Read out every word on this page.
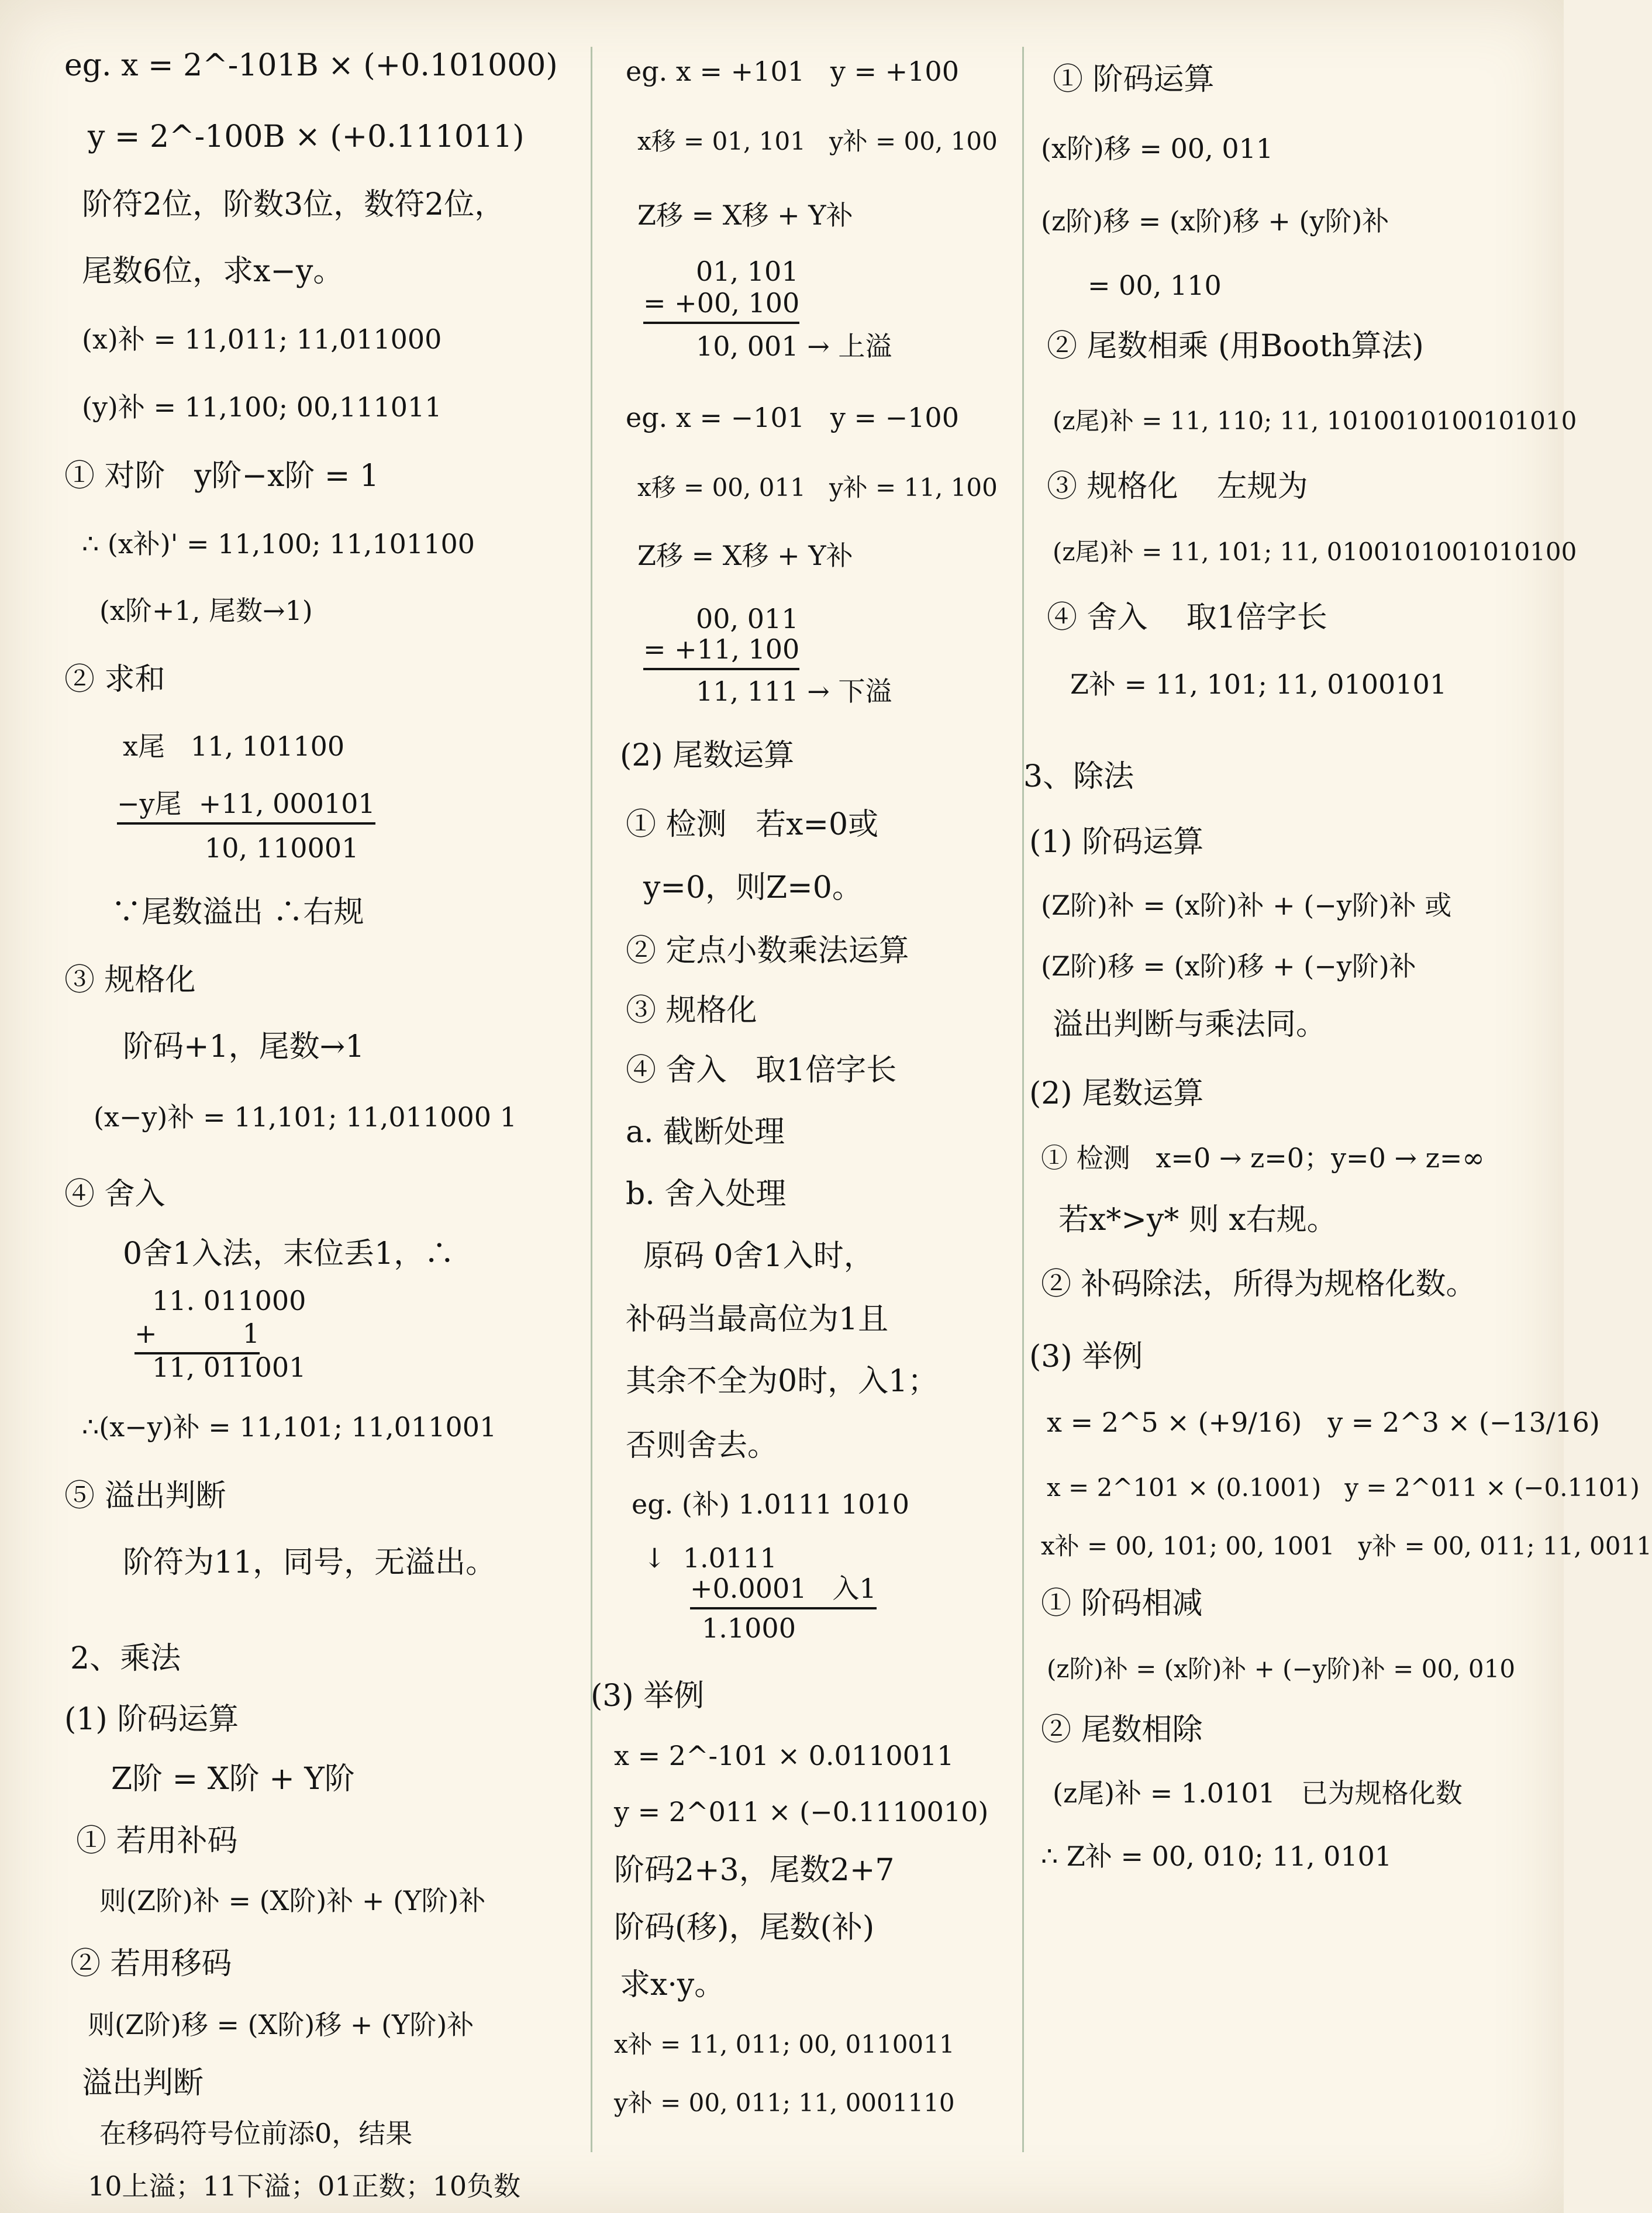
eg. x = 2^-101B × (+0.101000)
y = 2^-100B × (+0.111011)
阶符2位，阶数3位，数符2位，
尾数6位，求x−y。
(x)补 = 11,011; 11,011000
(y)补 = 11,100; 00,111011
① 对阶   y阶−x阶 = 1
∴ (x补)' = 11,100; 11,101100
(x阶+1, 尾数→1)
② 求和
x尾   11, 101100
−y尾  +11, 000101
10, 110001
∵尾数溢出 ∴右规
③ 规格化
阶码+1，尾数→1
(x−y)补 = 11,101; 11,011000 1
④ 舍入
0舍1入法，末位丢1，∴
11. 011000
+          1
11, 011001
∴(x−y)补 = 11,101; 11,011001
⑤ 溢出判断
阶符为11，同号，无溢出。
2、乘法
(1) 阶码运算
Z阶 = X阶 + Y阶
① 若用补码
则(Z阶)补 = (X阶)补 + (Y阶)补
② 若用移码
则(Z阶)移 = (X阶)移 + (Y阶)补
溢出判断
在移码符号位前添0，结果
10上溢；11下溢；01正数；10负数
eg. x = +101   y = +100
x移 = 01, 101   y补 = 00, 100
Z移 = X移 + Y补
01, 101
= +00, 100
10, 001 → 上溢
eg. x = −101   y = −100
x移 = 00, 011   y补 = 11, 100
Z移 = X移 + Y补
00, 011
= +11, 100
11, 111 → 下溢
(2) 尾数运算
① 检测   若x=0或
y=0，则Z=0。
② 定点小数乘法运算
③ 规格化
④ 舍入   取1倍字长
a. 截断处理
b. 舍入处理
原码 0舍1入时，
补码当最高位为1且
其余不全为0时，入1；
否则舍去。
eg. (补) 1.0111 1010
↓  1.0111
+0.0001   入1
1.1000
(3) 举例
x = 2^-101 × 0.0110011
y = 2^011 × (−0.1110010)
阶码2+3，尾数2+7
阶码(移)，尾数(补)
求x·y。
x补 = 11, 011; 00, 0110011
y补 = 00, 011; 11, 0001110
① 阶码运算
(x阶)移 = 00, 011
(z阶)移 = (x阶)移 + (y阶)补
= 00, 110
② 尾数相乘 (用Booth算法)
(z尾)补 = 11, 110; 11, 1010010100101010
③ 规格化    左规为
(z尾)补 = 11, 101; 11, 0100101001010100
④ 舍入    取1倍字长
Z补 = 11, 101; 11, 0100101
3、除法
(1) 阶码运算
(Z阶)补 = (x阶)补 + (−y阶)补 或
(Z阶)移 = (x阶)移 + (−y阶)补
溢出判断与乘法同。
(2) 尾数运算
① 检测   x=0 → z=0；y=0 → z=∞
若x*>y* 则 x右规。
② 补码除法，所得为规格化数。
(3) 举例
x = 2^5 × (+9/16)   y = 2^3 × (−13/16)
x = 2^101 × (0.1001)   y = 2^011 × (−0.1101)
x补 = 00, 101; 00, 1001   y补 = 00, 011; 11, 0011
① 阶码相减
(z阶)补 = (x阶)补 + (−y阶)补 = 00, 010
② 尾数相除
(z尾)补 = 1.0101   已为规格化数
∴ Z补 = 00, 010; 11, 0101
